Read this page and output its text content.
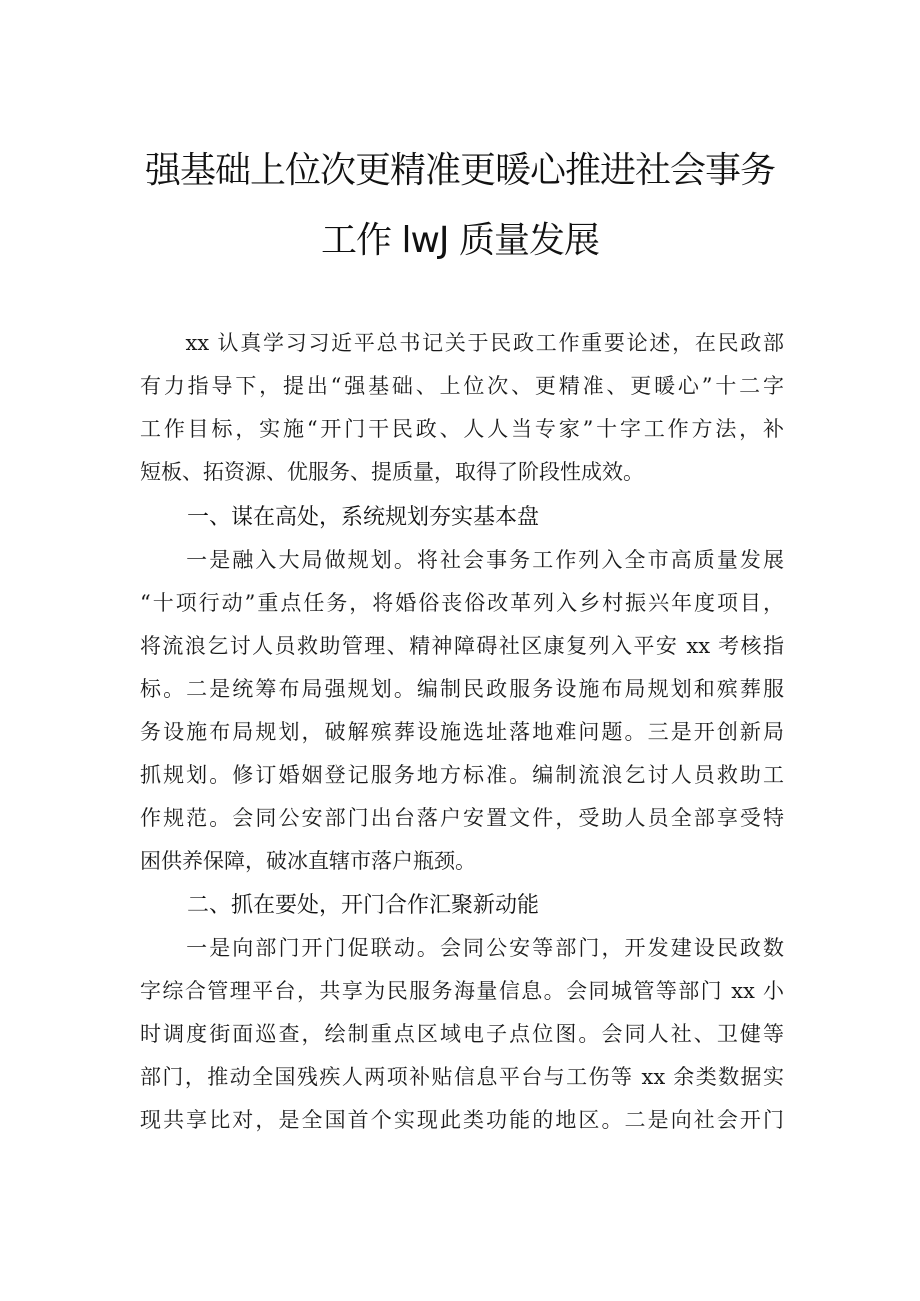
强基础上位次更精准更暖心推进社会事务
工作 lwJ 质量发展
　　xx 认真学习习近平总书记关于民政工作重要论述，在民政部
有力指导下，提出“强基础、上位次、更精准、更暖心”十二字
工作目标，实施“开门干民政、人人当专家”十字工作方法，补
短板、拓资源、优服务、提质量，取得了阶段性成效。
一、谋在高处，系统规划夯实基本盘
　　一是融入大局做规划。将社会事务工作列入全市高质量发展
“十项行动”重点任务，将婚俗丧俗改革列入乡村振兴年度项目，
将流浪乞讨人员救助管理、精神障碍社区康复列入平安 xx 考核指
标。二是统筹布局强规划。编制民政服务设施布局规划和殡葬服
务设施布局规划，破解殡葬设施选址落地难问题。三是开创新局
抓规划。修订婚姻登记服务地方标准。编制流浪乞讨人员救助工
作规范。会同公安部门出台落户安置文件，受助人员全部享受特
困供养保障，破冰直辖市落户瓶颈。
二、抓在要处，开门合作汇聚新动能
　　一是向部门开门促联动。会同公安等部门，开发建设民政数
字综合管理平台，共享为民服务海量信息。会同城管等部门 xx 小
时调度街面巡查，绘制重点区域电子点位图。会同人社、卫健等
部门，推动全国残疾人两项补贴信息平台与工伤等 xx 余类数据实
现共享比对，是全国首个实现此类功能的地区。二是向社会开门
